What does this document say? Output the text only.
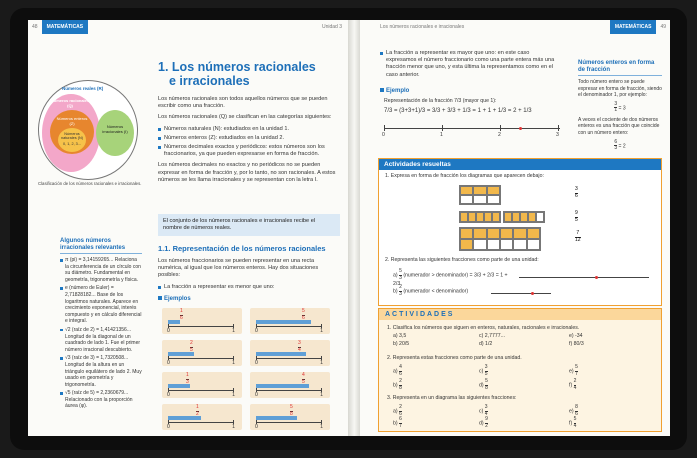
48	MATEMÁTICAS	Unidad 3
Números reales (R)
Números racionales (Q)
Números enteros (Z)
Números naturales (N)
0, 1, 2, 3...
Números irracionales (I)
Clasificación de los números racionales e irracionales.
Algunos números irracionales relevantes
π (pi) = 3,14159265... Relaciona la circunferencia de un círculo con su diámetro. Fundamental en geometría, trigonometría y física.
e (número de Euler) = 2,71828182... Base de los logaritmos naturales. Aparece en crecimiento exponencial, interés compuesto y en cálculo diferencial e integral.
√2 (raíz de 2) = 1,41421356... Longitud de la diagonal de un cuadrado de lado 1. Fue el primer número irracional descubierto.
√3 (raíz de 3) = 1,7320508... Longitud de la altura en un triángulo equilátero de lado 2. Muy usado en geometría y trigonometría.
√5 (raíz de 5) = 2,2360679... Relacionado con la proporción áurea (φ).
1. Los números racionales
e irracionales

Los números racionales son todos aquellos números que se pueden escribir como una fracción.

Los números racionales (Q) se clasifican en las categorías siguientes:

Números naturales (N): estudiados en la unidad 1.
Números enteros (Z): estudiados en la unidad 2.
Números decimales exactos y periódicos: estos números son los fraccionarios, ya que pueden expresarse en forma de fracción.

Los números decimales no exactos y no periódicos no se pueden expresar en forma de fracción y, por lo tanto, no son racionales. A estos números se les llama irracionales y se representan con la letra I.

El conjunto de los números racionales e irracionales recibe el nombre de números reales.
1.1. Representación de los números racionales

Los números fraccionarios se pueden representar en una recta numérica, al igual que los números enteros. Hay dos situaciones posibles:

La fracción a representar es menor que uno:
Ejemplos
$\frac{1}{6}$
0	1
$\frac{5}{6}$
0	1
$\frac{2}{5}$
0	1
$\frac{3}{4}$
0	1
$\frac{1}{3}$
0	1
$\frac{4}{5}$
0	1
$\frac{1}{2}$
0	1
$\frac{5}{8}$
0	1
Los números racionales e irracionales	MATEMÁTICAS	49
La fracción a representar es mayor que uno: en este caso expresamos el número fraccionario como una parte entera más una fracción menor que uno, y esta última la representamos como en el caso anterior.
Ejemplo
Representación de la fracción 7/3 (mayor que 1):
7/3 = (3+3+1)/3 = 3/3 + 3/3 + 1/3 = 1 + 1 + 1/3 = 2 + 1/3
0	1	2	3
Números enteros en forma de fracción
Todo número entero se puede expresar en forma de fracción, siendo el denominador 1, por ejemplo:
$\frac{3}{1} = 3$
A veces el cociente de dos números enteros es una fracción que coincide con un número entero:
$\frac{6}{3} = 2$
Actividades resueltas
1. Expresa en forma de fracción los diagramas que aparecen debajo:
$\frac{3}{6}$
$\frac{9}{5}$
$\frac{7}{12}$
2. Representa las siguientes fracciones como parte de una unidad:
$a) \frac{5}{3}$ (numerador > denominador) = 3/3 + 2/3 = 1 + 2/3
$b) \frac{2}{3}$ (numerador < denominador)
ACTIVIDADES
1. Clasifica los números que siguen en enteros, naturales, racionales e irracionales.
a) 3,5	c) 2,7777...	e) -34
b) 20/5	d) 1/2	f) 80/3
2. Representa estas fracciones como parte de una unidad.
$a) \frac{4}{6}$	$c) \frac{3}{5}$	$e) \frac{5}{7}$
$b) \frac{2}{8}$	$d) \frac{5}{8}$	$f) \frac{2}{4}$
3. Representa en un diagrama las siguientes fracciones:
$a) \frac{2}{6}$	$c) \frac{3}{4}$	$e) \frac{8}{6}$
$b) \frac{6}{7}$	$d) \frac{9}{2}$	$f) \frac{5}{4}$
